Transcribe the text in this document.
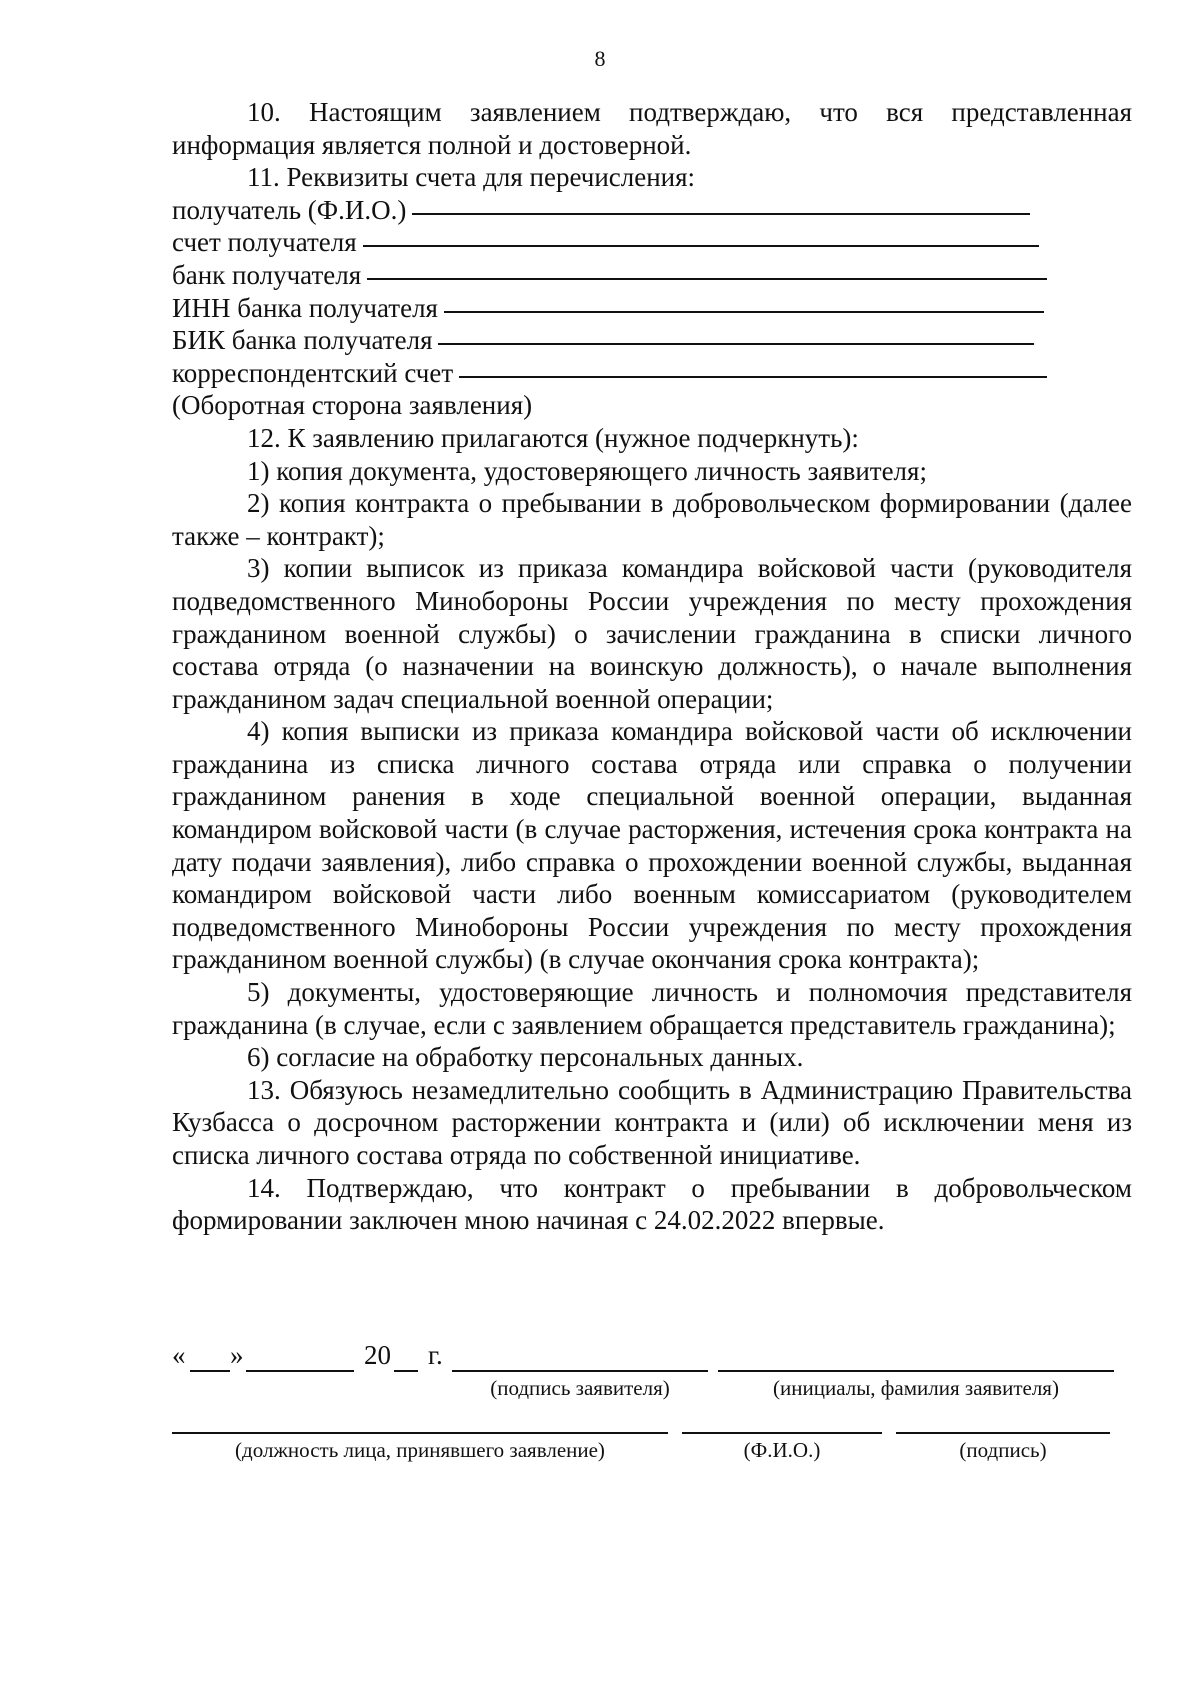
8

10. Настоящим заявлением подтверждаю, что вся представленная информация является полной и достоверной.

11. Реквизиты счета для перечисления:

получатель (Ф.И.О.)
счет получателя
банк получателя
ИНН банка получателя
БИК банка получателя
корреспондентский счет

(Оборотная сторона заявления)

12. К заявлению прилагаются (нужное подчеркнуть):

1) копия документа, удостоверяющего личность заявителя;

2) копия контракта о пребывании в добровольческом формировании (далее также – контракт);

3) копии выписок из приказа командира войсковой части (руководителя подведомственного Минобороны России учреждения по месту прохождения гражданином военной службы) о зачислении гражданина в списки личного состава отряда (о назначении на воинскую должность), о начале выполнения гражданином задач специальной военной операции;

4) копия выписки из приказа командира войсковой части об исключении гражданина из списка личного состава отряда или справка о получении гражданином ранения в ходе специальной военной операции, выданная командиром войсковой части (в случае расторжения, истечения срока контракта на дату подачи заявления), либо справка о прохождении военной службы, выданная командиром войсковой части либо военным комиссариатом (руководителем подведомственного Минобороны России учреждения по месту прохождения гражданином военной службы) (в случае окончания срока контракта);

5) документы, удостоверяющие личность и полномочия представителя гражданина (в случае, если с заявлением обращается представитель гражданина);

6) согласие на обработку персональных данных.

13. Обязуюсь незамедлительно сообщить в Администрацию Правительства Кузбасса о досрочном расторжении контракта и (или) об исключении меня из списка личного состава отряда по собственной инициативе.

14. Подтверждаю, что контракт о пребывании в добровольческом формировании заключен мною начиная с 24.02.2022 впервые.

« »	20 г.
(подпись заявителя)	(инициалы, фамилия заявителя)
(должность лица, принявшего заявление)	(Ф.И.О.)	(подпись)
